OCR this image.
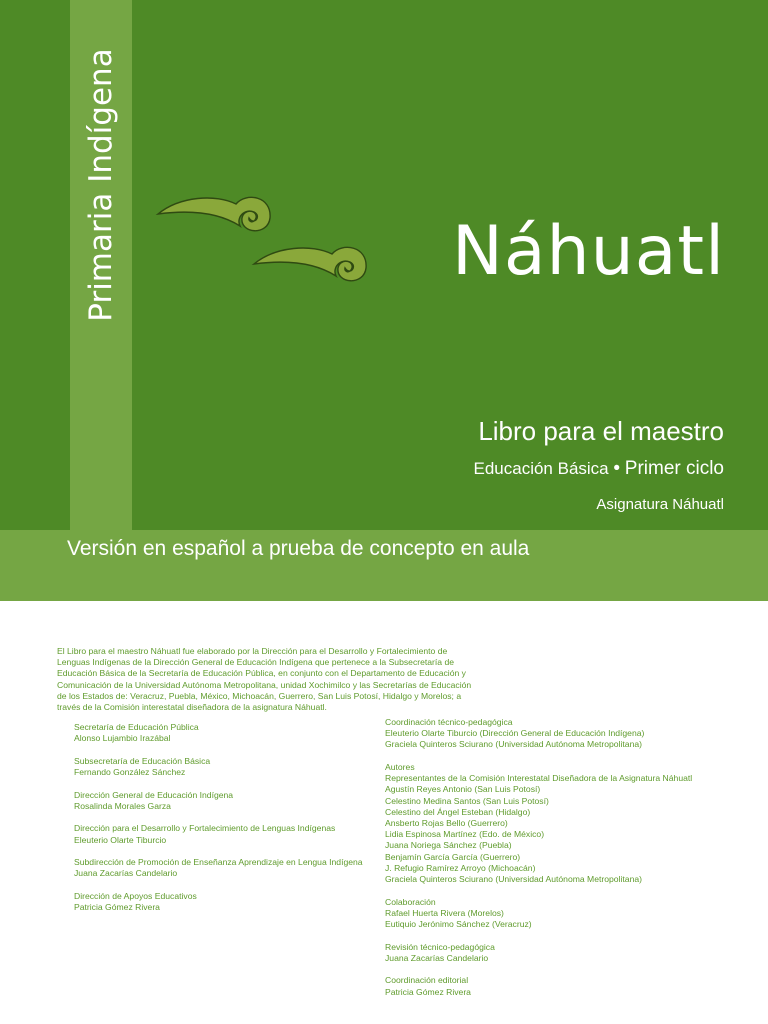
Primaria Indígena	Náhuatl
Libro para el maestro
Educación Básica • Primer ciclo
Asignatura Náhuatl
Versión en español a prueba de concepto en aula
El Libro para el maestro Náhuatl fue elaborado por la Dirección para el Desarrollo y Fortalecimiento de
Lenguas Indígenas de la Dirección General de Educación Indígena que pertenece a la Subsecretaría de
Educación Básica de la Secretaría de Educación Pública, en conjunto con el Departamento de Educación y
Comunicación de la Universidad Autónoma Metropolitana, unidad Xochimilco y las Secretarías de Educación
de los Estados de: Veracruz, Puebla, México, Michoacán, Guerrero, San Luis Potosí, Hidalgo y Morelos; a
través de la Comisión interestatal diseñadora de la asignatura Náhuatl.
Secretaría de Educación Pública
Alonso Lujambio Irazábal
Subsecretaría de Educación Básica
Fernando González Sánchez
Dirección General de Educación Indígena
Rosalinda Morales Garza
Dirección para el Desarrollo y Fortalecimiento de Lenguas Indígenas
Eleuterio Olarte Tiburcio
Subdirección de Promoción de Enseñanza Aprendizaje en Lengua Indígena
Juana Zacarías Candelario
Dirección de Apoyos Educativos
Patricia Gómez Rivera
Coordinación técnico-pedagógica
Eleuterio Olarte Tiburcio (Dirección General de Educación Indígena)
Graciela Quinteros Sciurano (Universidad Autónoma Metropolitana)
Autores
Representantes de la Comisión Interestatal Diseñadora de la Asignatura Náhuatl
Agustín Reyes Antonio (San Luis Potosí)
Celestino Medina Santos (San Luis Potosí)
Celestino del Ángel Esteban (Hidalgo)
Ansberto Rojas Bello (Guerrero)
Lidia Espinosa Martínez (Edo. de México)
Juana Noriega Sánchez (Puebla)
Benjamín García García (Guerrero)
J. Refugio Ramírez Arroyo (Michoacán)
Graciela Quinteros Sciurano (Universidad Autónoma Metropolitana)
Colaboración
Rafael Huerta Rivera (Morelos)
Eutiquio Jerónimo Sánchez (Veracruz)
Revisión técnico-pedagógica
Juana Zacarías Candelario
Coordinación editorial
Patricia Gómez Rivera
